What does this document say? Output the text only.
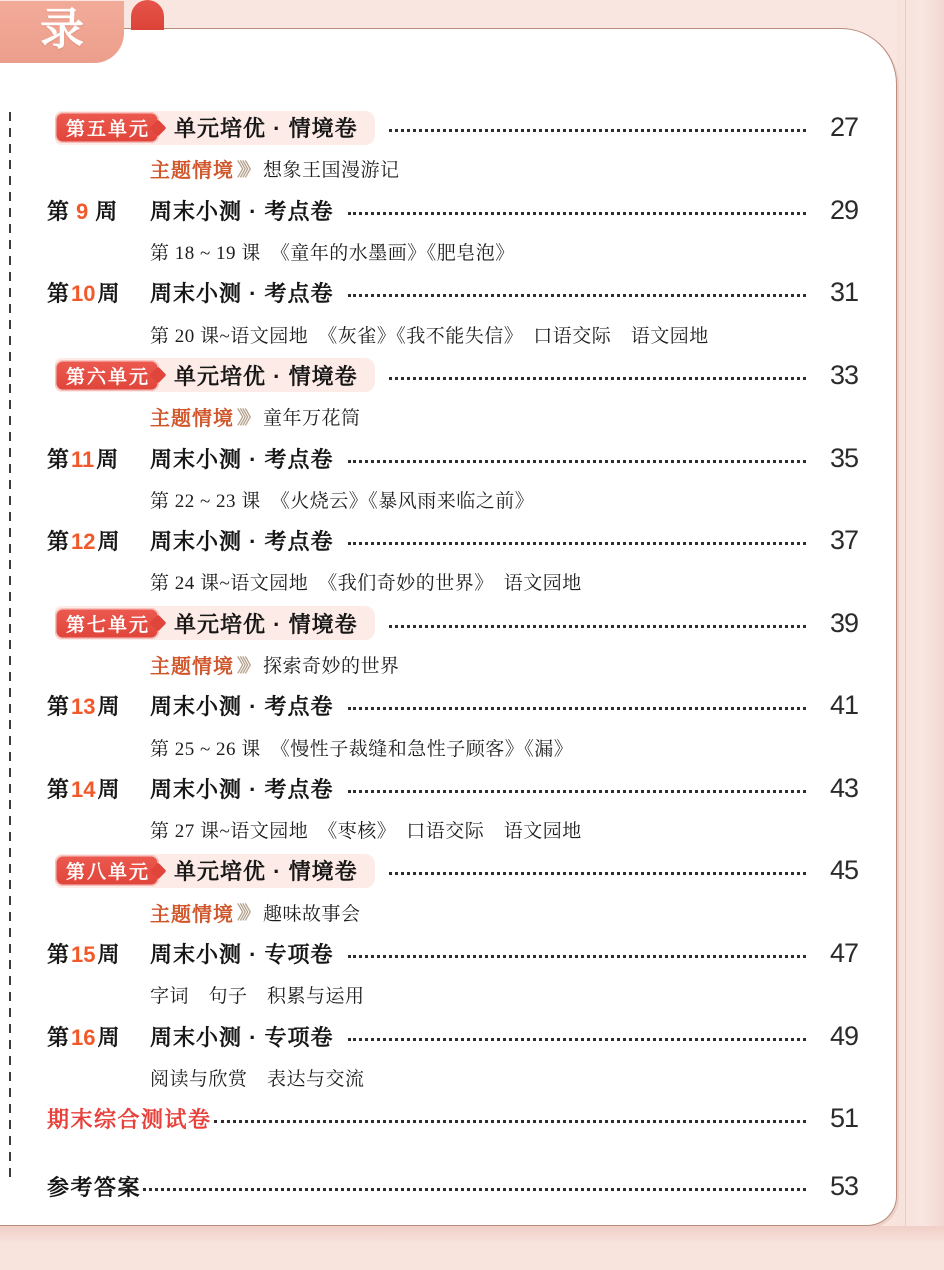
录
第五单元	单元培优 · 情境卷	27
主题情境 》》 想象王国漫游记
第 9 周	周末小测 · 考点卷	29
第 18 ~ 19 课　《童年的水墨画》《肥皂泡》
第10周	周末小测 · 考点卷	31
第 20 课~语文园地　《灰雀》《我不能失信》　口语交际　语文园地
第六单元	单元培优 · 情境卷	33
主题情境 》》 童年万花筒
第11周	周末小测 · 考点卷	35
第 22 ~ 23 课　《火烧云》《暴风雨来临之前》
第12周	周末小测 · 考点卷	37
第 24 课~语文园地　《我们奇妙的世界》　语文园地
第七单元	单元培优 · 情境卷	39
主题情境 》》 探索奇妙的世界
第13周	周末小测 · 考点卷	41
第 25 ~ 26 课　《慢性子裁缝和急性子顾客》《漏》
第14周	周末小测 · 考点卷	43
第 27 课~语文园地　《枣核》　口语交际　语文园地
第八单元	单元培优 · 情境卷	45
主题情境 》》 趣味故事会
第15周	周末小测 · 专项卷	47
字词　句子　积累与运用
第16周	周末小测 · 专项卷	49
阅读与欣赏　表达与交流
期末综合测试卷	51
参考答案	53
